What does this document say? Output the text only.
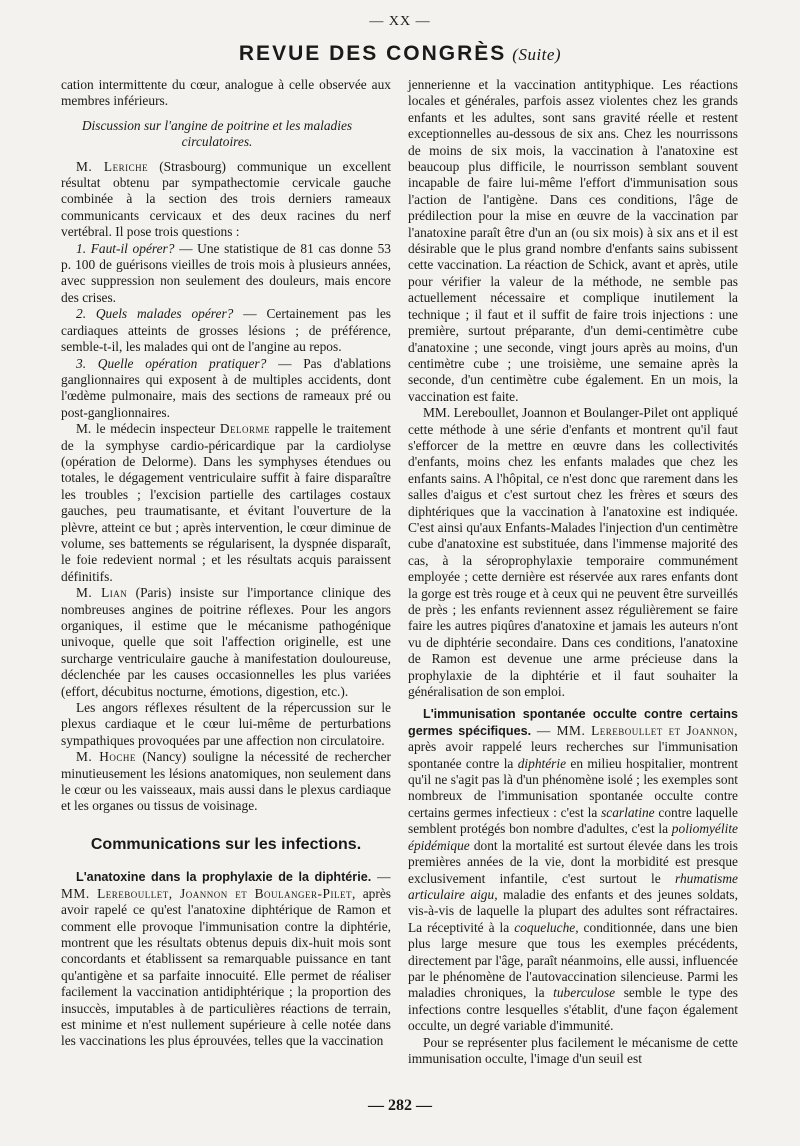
— XX —
REVUE DES CONGRÈS (Suite)

cation intermittente du cœur, analogue à celle observée aux membres inférieurs.

Discussion sur l'angine de poitrine et les maladies circulatoires.

M. Leriche (Strasbourg) communique un excellent résultat obtenu par sympathectomie cervicale gauche combinée à la section des trois derniers rameaux communicants cervicaux et des deux racines du nerf vertébral. Il pose trois questions :

1. Faut-il opérer? — Une statistique de 81 cas donne 53 p. 100 de guérisons vieilles de trois mois à plusieurs années, avec suppression non seulement des douleurs, mais encore des crises.

2. Quels malades opérer? — Certainement pas les cardiaques atteints de grosses lésions ; de préférence, semble-t-il, les malades qui ont de l'angine au repos.

3. Quelle opération pratiquer? — Pas d'ablations ganglionnaires qui exposent à de multiples accidents, dont l'œdème pulmonaire, mais des sections de rameaux pré ou post-ganglionnaires.

M. le médecin inspecteur Delorme rappelle le traitement de la symphyse cardio-péricardique par la cardiolyse (opération de Delorme). Dans les symphyses étendues ou totales, le dégagement ventriculaire suffit à faire disparaître les troubles ; l'excision partielle des cartilages costaux gauches, peu traumatisante, et évitant l'ouverture de la plèvre, atteint ce but ; après intervention, le cœur diminue de volume, ses battements se régularisent, la dyspnée disparaît, le foie redevient normal ; et les résultats acquis paraissent définitifs.

M. Lian (Paris) insiste sur l'importance clinique des nombreuses angines de poitrine réflexes. Pour les angors organiques, il estime que le mécanisme pathogénique univoque, quelle que soit l'affection originelle, est une surcharge ventriculaire gauche à manifestation douloureuse, déclenchée par les causes occasionnelles les plus variées (effort, décubitus nocturne, émotions, digestion, etc.).

Les angors réflexes résultent de la répercussion sur le plexus cardiaque et le cœur lui-même de perturbations sympathiques provoquées par une affection non circulatoire.

M. Hoche (Nancy) souligne la nécessité de rechercher minutieusement les lésions anatomiques, non seulement dans le cœur ou les vaisseaux, mais aussi dans le plexus cardiaque et les organes ou tissus de voisinage.

Communications sur les infections.

L'anatoxine dans la prophylaxie de la diphtérie. — MM. Lereboullet, Joannon et Boulanger-Pilet, après avoir rapelé ce qu'est l'anatoxine diphtérique de Ramon et comment elle provoque l'immunisation contre la diphtérie, montrent que les résultats obtenus depuis dix-huit mois sont concordants et établissent sa remarquable puissance en tant qu'antigène et sa parfaite innocuité. Elle permet de réaliser facilement la vaccination antidiphtérique ; la proportion des insuccès, imputables à de particulières réactions de terrain, est minime et n'est nullement supérieure à celle notée dans les vaccinations les plus éprouvées, telles que la vaccination

jennerienne et la vaccination antityphique. Les réactions locales et générales, parfois assez violentes chez les grands enfants et les adultes, sont sans gravité réelle et restent exceptionnelles au-dessous de six ans. Chez les nourrissons de moins de six mois, la vaccination à l'anatoxine est beaucoup plus difficile, le nourrisson semblant souvent incapable de faire lui-même l'effort d'immunisation sous l'action de l'antigène. Dans ces conditions, l'âge de prédilection pour la mise en œuvre de la vaccination par l'anatoxine paraît être d'un an (ou six mois) à six ans et il est désirable que le plus grand nombre d'enfants sains subissent cette vaccination. La réaction de Schick, avant et après, utile pour vérifier la valeur de la méthode, ne semble pas actuellement nécessaire et complique inutilement la technique ; il faut et il suffit de faire trois injections : une première, surtout préparante, d'un demi-centimètre cube d'anatoxine ; une seconde, vingt jours après au moins, d'un centimètre cube ; une troisième, une semaine après la seconde, d'un centimètre cube également. En un mois, la vaccination est faite.

MM. Lereboullet, Joannon et Boulanger-Pilet ont appliqué cette méthode à une série d'enfants et montrent qu'il faut s'efforcer de la mettre en œuvre dans les collectivités d'enfants, moins chez les enfants malades que chez les enfants sains. A l'hôpital, ce n'est donc que rarement dans les salles d'aigus et c'est surtout chez les frères et sœurs des diphtériques que la vaccination à l'anatoxine est indiquée. C'est ainsi qu'aux Enfants-Malades l'injection d'un centimètre cube d'anatoxine est substituée, dans l'immense majorité des cas, à la séroprophylaxie temporaire communément employée ; cette dernière est réservée aux rares enfants dont la gorge est très rouge et à ceux qui ne peuvent être surveillés de près ; les enfants reviennent assez régulièrement se faire faire les autres piqûres d'anatoxine et jamais les auteurs n'ont vu de diphtérie secondaire. Dans ces conditions, l'anatoxine de Ramon est devenue une arme précieuse dans la prophylaxie de la diphtérie et il faut souhaiter la généralisation de son emploi.

L'immunisation spontanée occulte contre certains germes spécifiques. — MM. Lereboullet et Joannon, après avoir rappelé leurs recherches sur l'immunisation spontanée contre la diphtérie en milieu hospitalier, montrent qu'il ne s'agit pas là d'un phénomène isolé ; les exemples sont nombreux de l'immunisation spontanée occulte contre certains germes infectieux : c'est la scarlatine contre laquelle semblent protégés bon nombre d'adultes, c'est la poliomyélite épidémique dont la mortalité est surtout élevée dans les trois premières années de la vie, dont la morbidité est presque exclusivement infantile, c'est surtout le rhumatisme articulaire aigu, maladie des enfants et des jeunes soldats, vis-à-vis de laquelle la plupart des adultes sont réfractaires. La réceptivité à la coqueluche, conditionnée, dans une bien plus large mesure que tous les exemples précédents, directement par l'âge, paraît néanmoins, elle aussi, influencée par le phénomène de l'autovaccination silencieuse. Parmi les maladies chroniques, la tuberculose semble le type des infections contre lesquelles s'établit, d'une façon également occulte, un degré variable d'immunité.

Pour se représenter plus facilement le mécanisme de cette immunisation occulte, l'image d'un seuil est

— 282 —
